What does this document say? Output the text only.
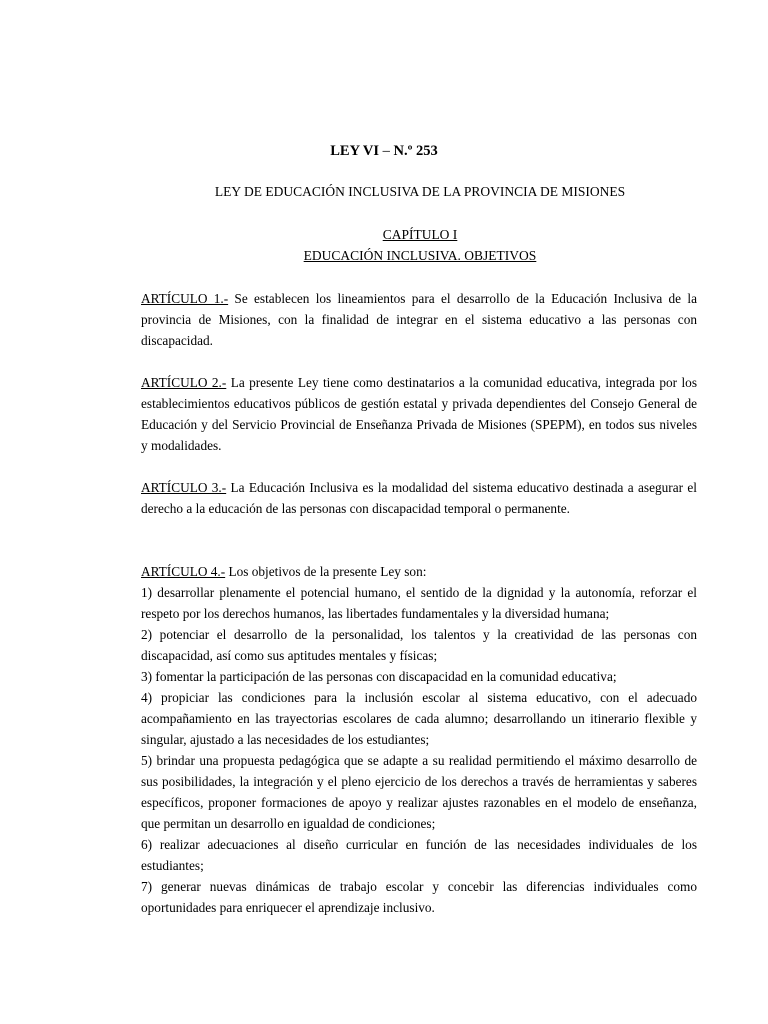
LEY VI – N.º 253
LEY DE EDUCACIÓN INCLUSIVA DE LA PROVINCIA DE MISIONES
CAPÍTULO I
EDUCACIÓN INCLUSIVA. OBJETIVOS

ARTÍCULO 1.- Se establecen los lineamientos para el desarrollo de la Educación Inclusiva de la provincia de Misiones, con la finalidad de integrar en el sistema educativo a las personas con discapacidad.

ARTÍCULO 2.- La presente Ley tiene como destinatarios a la comunidad educativa, integrada por los establecimientos educativos públicos de gestión estatal y privada dependientes del Consejo General de Educación y del Servicio Provincial de Enseñanza Privada de Misiones (SPEPM), en todos sus niveles y modalidades.

ARTÍCULO 3.- La Educación Inclusiva es la modalidad del sistema educativo destinada a asegurar el derecho a la educación de las personas con discapacidad temporal o permanente.

ARTÍCULO 4.- Los objetivos de la presente Ley son:

1) desarrollar plenamente el potencial humano, el sentido de la dignidad y la autonomía, reforzar el respeto por los derechos humanos, las libertades fundamentales y la diversidad humana;

2) potenciar el desarrollo de la personalidad, los talentos y la creatividad de las personas con discapacidad, así como sus aptitudes mentales y físicas;

3) fomentar la participación de las personas con discapacidad en la comunidad educativa;

4) propiciar las condiciones para la inclusión escolar al sistema educativo, con el adecuado acompañamiento en las trayectorias escolares de cada alumno; desarrollando un itinerario flexible y singular, ajustado a las necesidades de los estudiantes;

5) brindar una propuesta pedagógica que se adapte a su realidad permitiendo el máximo desarrollo de sus posibilidades, la integración y el pleno ejercicio de los derechos a través de herramientas y saberes específicos, proponer formaciones de apoyo y realizar ajustes razonables en el modelo de enseñanza, que permitan un desarrollo en igualdad de condiciones;

6) realizar adecuaciones al diseño curricular en función de las necesidades individuales de los estudiantes;

7) generar nuevas dinámicas de trabajo escolar y concebir las diferencias individuales como oportunidades para enriquecer el aprendizaje inclusivo.
